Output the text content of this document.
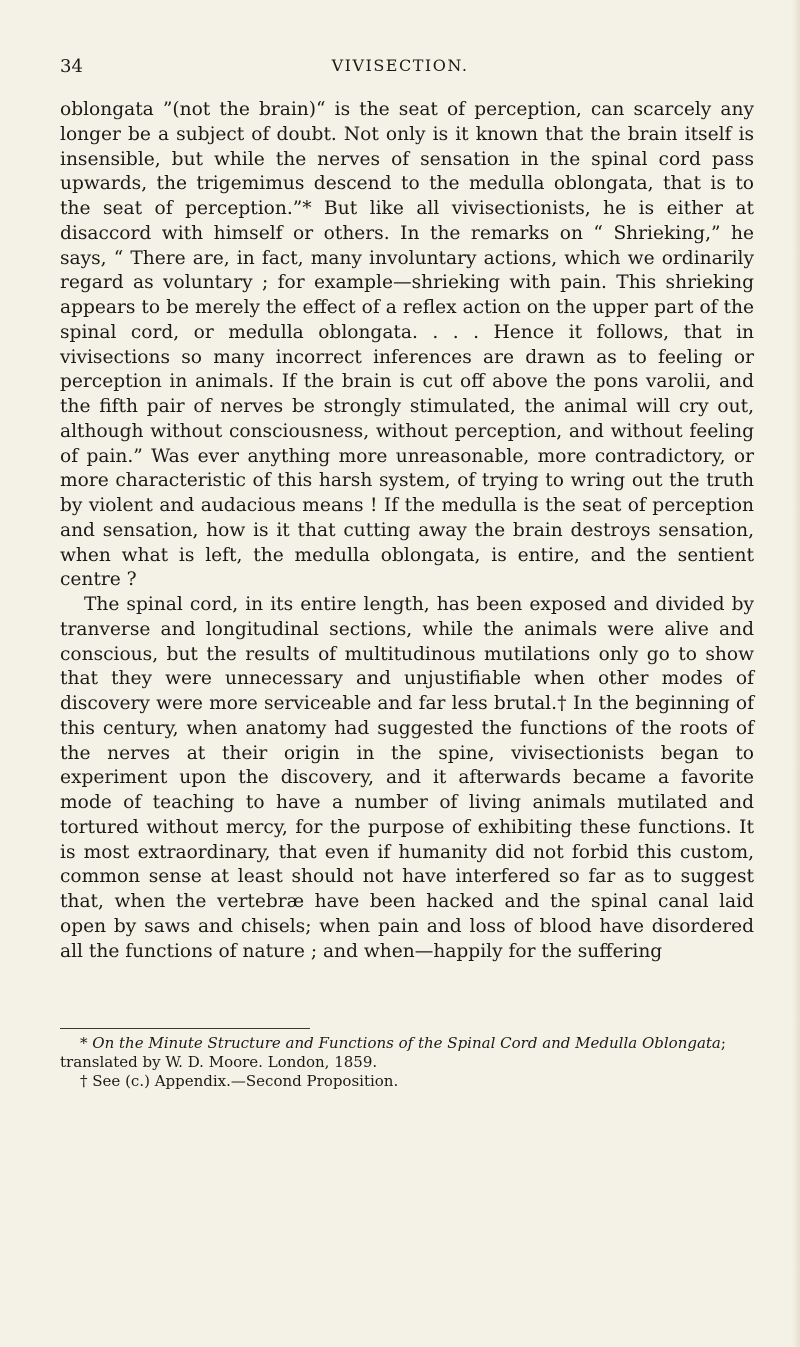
34	VIVISECTION.

oblongata ”(not the brain)“ is the seat of perception, can scarcely any longer be a subject of doubt. Not only is it known that the brain itself is insensible, but while the nerves of sensation in the spinal cord pass upwards, the trigemimus descend to the medulla oblongata, that is to the seat of perception.”* But like all vivisectionists, he is either at disaccord with himself or others. In the remarks on “ Shrieking,” he says, “ There are, in fact, many involuntary actions, which we ordinarily regard as voluntary ; for example—shrieking with pain. This shrieking appears to be merely the effect of a reflex action on the upper part of the spinal cord, or medulla oblongata. . . . Hence it follows, that in vivisections so many incorrect inferences are drawn as to feeling or perception in animals. If the brain is cut off above the pons varolii, and the fifth pair of nerves be strongly stimulated, the animal will cry out, although without consciousness, without perception, and without feeling of pain.” Was ever anything more unreasonable, more contradictory, or more characteristic of this harsh system, of trying to wring out the truth by violent and audacious means ! If the medulla is the seat of perception and sensation, how is it that cutting away the brain destroys sensation, when what is left, the medulla oblongata, is entire, and the sentient centre ?

The spinal cord, in its entire length, has been exposed and divided by tranverse and longitudinal sections, while the animals were alive and conscious, but the results of multitudinous mutilations only go to show that they were unnecessary and unjustifiable when other modes of discovery were more serviceable and far less brutal.† In the beginning of this century, when anatomy had suggested the functions of the roots of the nerves at their origin in the spine, vivisectionists began to experiment upon the discovery, and it afterwards became a favorite mode of teaching to have a number of living animals mutilated and tortured without mercy, for the purpose of exhibiting these functions. It is most extraordinary, that even if humanity did not forbid this custom, common sense at least should not have interfered so far as to suggest that, when the vertebræ have been hacked and the spinal canal laid open by saws and chisels; when pain and loss of blood have disordered all the functions of nature ; and when—happily for the suffering

* On the Minute Structure and Functions of the Spinal Cord and Medulla Oblongata; translated by W. D. Moore. London, 1859.

† See (c.) Appendix.—Second Proposition.
